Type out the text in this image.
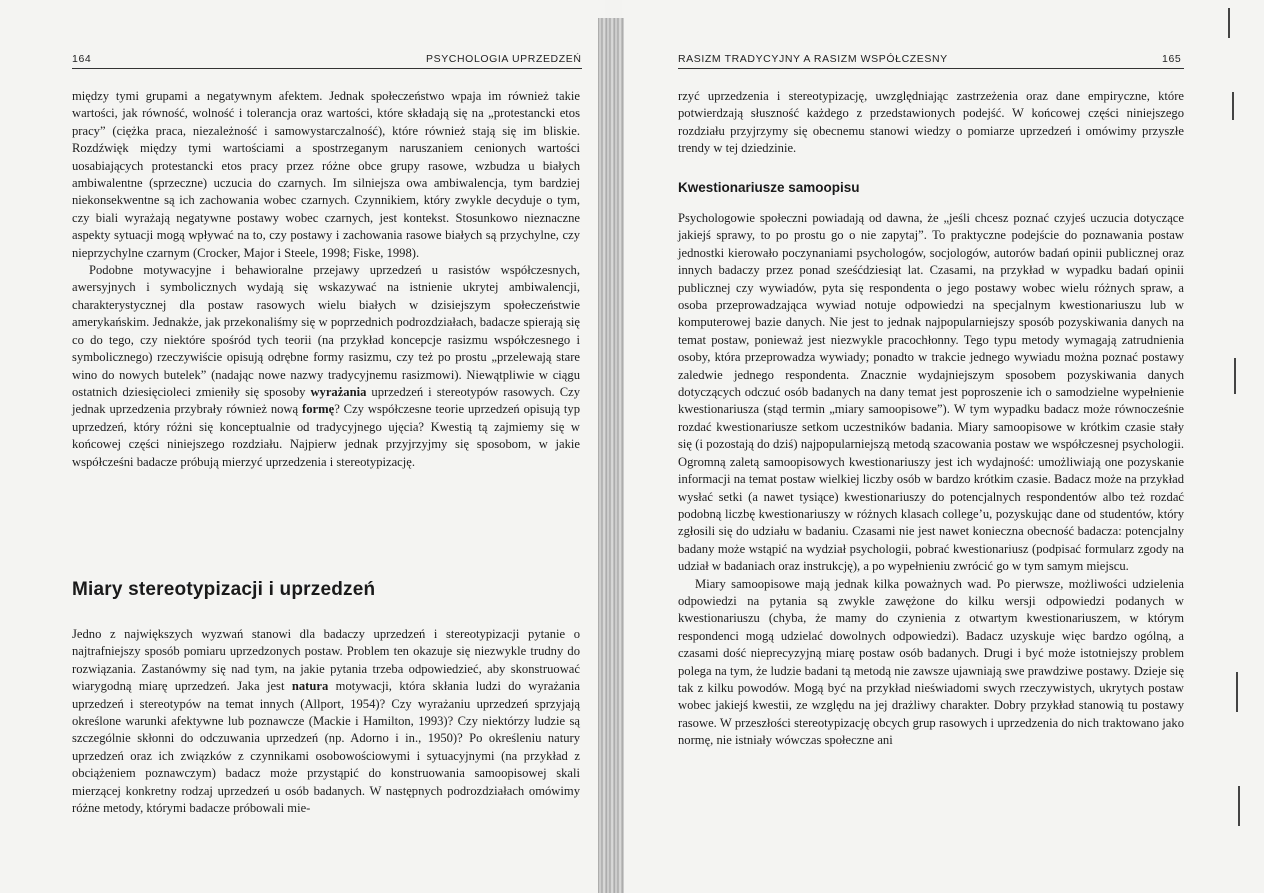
164	PSYCHOLOGIA UPRZEDZEŃ

między tymi grupami a negatywnym afektem. Jednak społeczeństwo wpaja im również takie wartości, jak równość, wolność i tolerancja oraz wartości, które składają się na „protestancki etos pracy” (ciężka praca, niezależność i samowystarczalność), które również stają się im bliskie. Rozdźwięk między tymi wartościami a spostrzeganym naruszaniem cenionych wartości uosabiających protestancki etos pracy przez różne obce grupy rasowe, wzbudza u białych ambiwalentne (sprzeczne) uczucia do czarnych. Im silniejsza owa ambiwalencja, tym bardziej niekonsekwentne są ich zachowania wobec czarnych. Czynnikiem, który zwykle decyduje o tym, czy biali wyrażają negatywne postawy wobec czarnych, jest kontekst. Stosunkowo nieznaczne aspekty sytuacji mogą wpływać na to, czy postawy i zachowania rasowe białych są przychylne, czy nieprzychylne czarnym (Crocker, Major i Steele, 1998; Fiske, 1998).

Podobne motywacyjne i behawioralne przejawy uprzedzeń u rasistów współczesnych, awersyjnych i symbolicznych wydają się wskazywać na istnienie ukrytej ambiwalencji, charakterystycznej dla postaw rasowych wielu białych w dzisiejszym społeczeństwie amerykańskim. Jednakże, jak przekonaliśmy się w poprzednich podrozdziałach, badacze spierają się co do tego, czy niektóre spośród tych teorii (na przykład koncepcje rasizmu współczesnego i symbolicznego) rzeczywiście opisują odrębne formy rasizmu, czy też po prostu „przelewają stare wino do nowych butelek” (nadając nowe nazwy tradycyjnemu rasizmowi). Niewątpliwie w ciągu ostatnich dziesięcioleci zmieniły się sposoby wyrażania uprzedzeń i stereotypów rasowych. Czy jednak uprzedzenia przybrały również nową formę? Czy współczesne teorie uprzedzeń opisują typ uprzedzeń, który różni się konceptualnie od tradycyjnego ujęcia? Kwestią tą zajmiemy się w końcowej części niniejszego rozdziału. Najpierw jednak przyjrzyjmy się sposobom, w jakie współcześni badacze próbują mierzyć uprzedzenia i stereotypizację.

Miary stereotypizacji i uprzedzeń

Jedno z największych wyzwań stanowi dla badaczy uprzedzeń i stereotypizacji pytanie o najtrafniejszy sposób pomiaru uprzedzonych postaw. Problem ten okazuje się niezwykle trudny do rozwiązania. Zastanówmy się nad tym, na jakie pytania trzeba odpowiedzieć, aby skonstruować wiarygodną miarę uprzedzeń. Jaka jest natura motywacji, która skłania ludzi do wyrażania uprzedzeń i stereotypów na temat innych (Allport, 1954)? Czy wyrażaniu uprzedzeń sprzyjają określone warunki afektywne lub poznawcze (Mackie i Hamilton, 1993)? Czy niektórzy ludzie są szczególnie skłonni do odczuwania uprzedzeń (np. Adorno i in., 1950)? Po określeniu natury uprzedzeń oraz ich związków z czynnikami osobowościowymi i sytuacyjnymi (na przykład z obciążeniem poznawczym) badacz może przystąpić do konstruowania samoopisowej skali mierzącej konkretny rodzaj uprzedzeń u osób badanych. W następnych podrozdziałach omówimy różne metody, którymi badacze próbowali mie-

RASIZM TRADYCYJNY A RASIZM WSPÓŁCZESNY	165

rzyć uprzedzenia i stereotypizację, uwzględniając zastrzeżenia oraz dane empiryczne, które potwierdzają słuszność każdego z przedstawionych podejść. W końcowej części niniejszego rozdziału przyjrzymy się obecnemu stanowi wiedzy o pomiarze uprzedzeń i omówimy przyszłe trendy w tej dziedzinie.

Kwestionariusze samoopisu

Psychologowie społeczni powiadają od dawna, że „jeśli chcesz poznać czyjeś uczucia dotyczące jakiejś sprawy, to po prostu go o nie zapytaj”. To praktyczne podejście do poznawania postaw jednostki kierowało poczynaniami psychologów, socjologów, autorów badań opinii publicznej oraz innych badaczy przez ponad sześćdziesiąt lat. Czasami, na przykład w wypadku badań opinii publicznej czy wywiadów, pyta się respondenta o jego postawy wobec wielu różnych spraw, a osoba przeprowadzająca wywiad notuje odpowiedzi na specjalnym kwestionariuszu lub w komputerowej bazie danych. Nie jest to jednak najpopularniejszy sposób pozyskiwania danych na temat postaw, ponieważ jest niezwykle pracochłonny. Tego typu metody wymagają zatrudnienia osoby, która przeprowadza wywiady; ponadto w trakcie jednego wywiadu można poznać postawy zaledwie jednego respondenta. Znacznie wydajniejszym sposobem pozyskiwania danych dotyczących odczuć osób badanych na dany temat jest poproszenie ich o samodzielne wypełnienie kwestionariusza (stąd termin „miary samoopisowe”). W tym wypadku badacz może równocześnie rozdać kwestionariusze setkom uczestników badania. Miary samoopisowe w krótkim czasie stały się (i pozostają do dziś) najpopularniejszą metodą szacowania postaw we współczesnej psychologii. Ogromną zaletą samoopisowych kwestionariuszy jest ich wydajność: umożliwiają one pozyskanie informacji na temat postaw wielkiej liczby osób w bardzo krótkim czasie. Badacz może na przykład wysłać setki (a nawet tysiące) kwestionariuszy do potencjalnych respondentów albo też rozdać podobną liczbę kwestionariuszy w różnych klasach college’u, pozyskując dane od studentów, który zgłosili się do udziału w badaniu. Czasami nie jest nawet konieczna obecność badacza: potencjalny badany może wstąpić na wydział psychologii, pobrać kwestionariusz (podpisać formularz zgody na udział w badaniach oraz instrukcję), a po wypełnieniu zwrócić go w tym samym miejscu.

Miary samoopisowe mają jednak kilka poważnych wad. Po pierwsze, możliwości udzielenia odpowiedzi na pytania są zwykle zawężone do kilku wersji odpowiedzi podanych w kwestionariuszu (chyba, że mamy do czynienia z otwartym kwestionariuszem, w którym respondenci mogą udzielać dowolnych odpowiedzi). Badacz uzyskuje więc bardzo ogólną, a czasami dość nieprecyzyjną miarę postaw osób badanych. Drugi i być może istotniejszy problem polega na tym, że ludzie badani tą metodą nie zawsze ujawniają swe prawdziwe postawy. Dzieje się tak z kilku powodów. Mogą być na przykład nieświadomi swych rzeczywistych, ukrytych postaw wobec jakiejś kwestii, ze względu na jej drażliwy charakter. Dobry przykład stanowią tu postawy rasowe. W przeszłości stereotypizację obcych grup rasowych i uprzedzenia do nich traktowano jako normę, nie istniały wówczas społeczne ani
